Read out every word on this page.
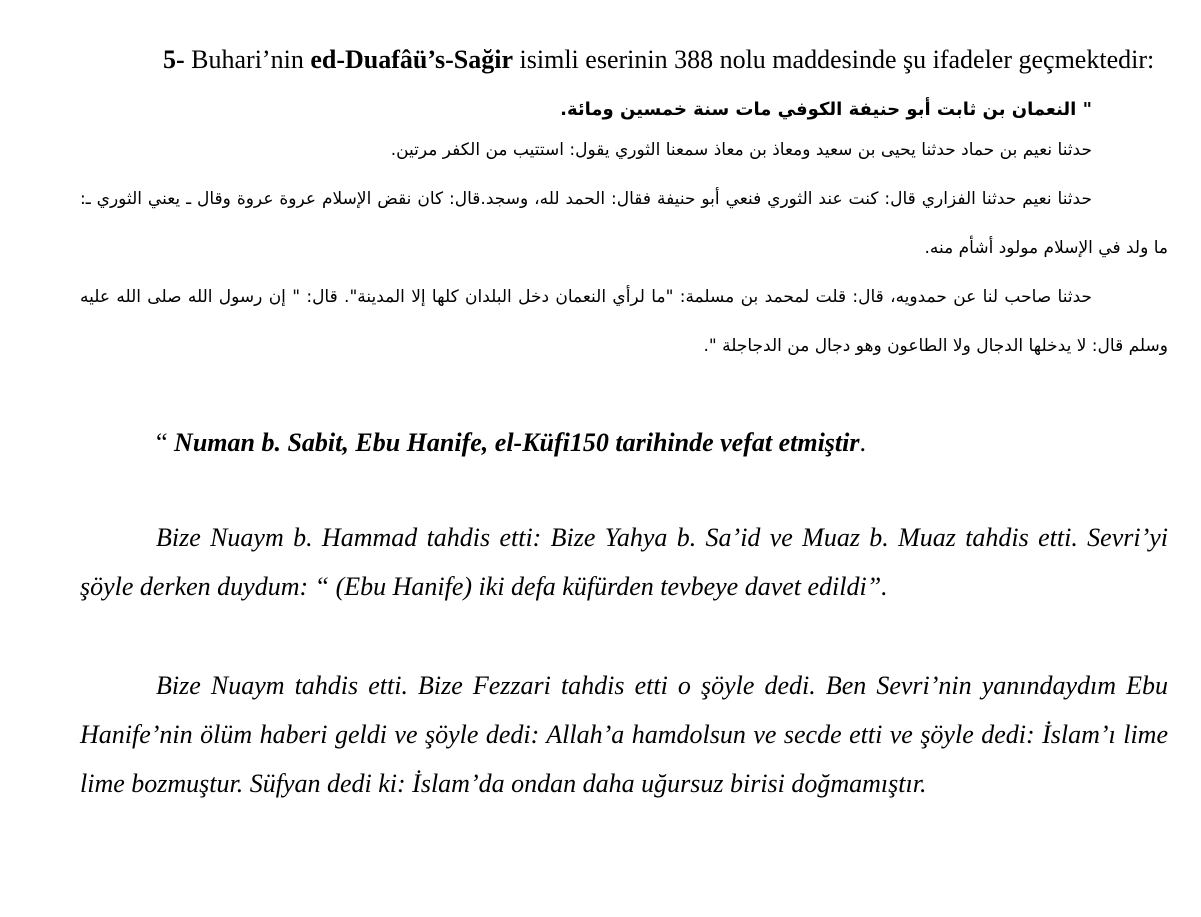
5- Buhari’nin ed-Duafâü’s-Sağir isimli eserinin 388 nolu maddesinde şu ifadeler geçmektedir:

" النعمان بن ثابت أبو حنيفة الكوفي مات سنة خمسين ومائة.

حدثنا نعيم بن حماد حدثنا يحيى بن سعيد ومعاذ بن معاذ سمعنا الثوري يقول: استتيب من الكفر مرتين.

حدثنا نعيم حدثنا الفزاري قال: كنت عند الثوري فنعي أبو حنيفة فقال: الحمد لله، وسجد.قال: كان نقض الإسلام عروة عروة وقال ـ يعني الثوري ـ: ما ولد في الإسلام مولود أشأم منه.

حدثنا صاحب لنا عن حمدويه، قال: قلت لمحمد بن مسلمة: "ما لرأي النعمان دخل البلدان كلها إلا المدينة". قال: " إن رسول الله صلى الله عليه وسلم قال: لا يدخلها الدجال ولا الطاعون وهو دجال من الدجاجلة ".

“ Numan b. Sabit, Ebu Hanife, el-Küfi150 tarihinde vefat etmiştir.

Bize Nuaym b. Hammad tahdis etti: Bize Yahya b. Sa’id ve Muaz b. Muaz tahdis etti. Sevri’yi şöyle derken duydum: “ (Ebu Hanife) iki defa küfürden tevbeye davet edildi”.

Bize Nuaym tahdis etti. Bize Fezzari tahdis etti o şöyle dedi. Ben Sevri’nin yanındaydım Ebu Hanife’nin ölüm haberi geldi ve şöyle dedi: Allah’a hamdolsun ve secde etti ve şöyle dedi: İslam’ı lime lime bozmuştur. Süfyan dedi ki: İslam’da ondan daha uğursuz birisi doğmamıştır.
